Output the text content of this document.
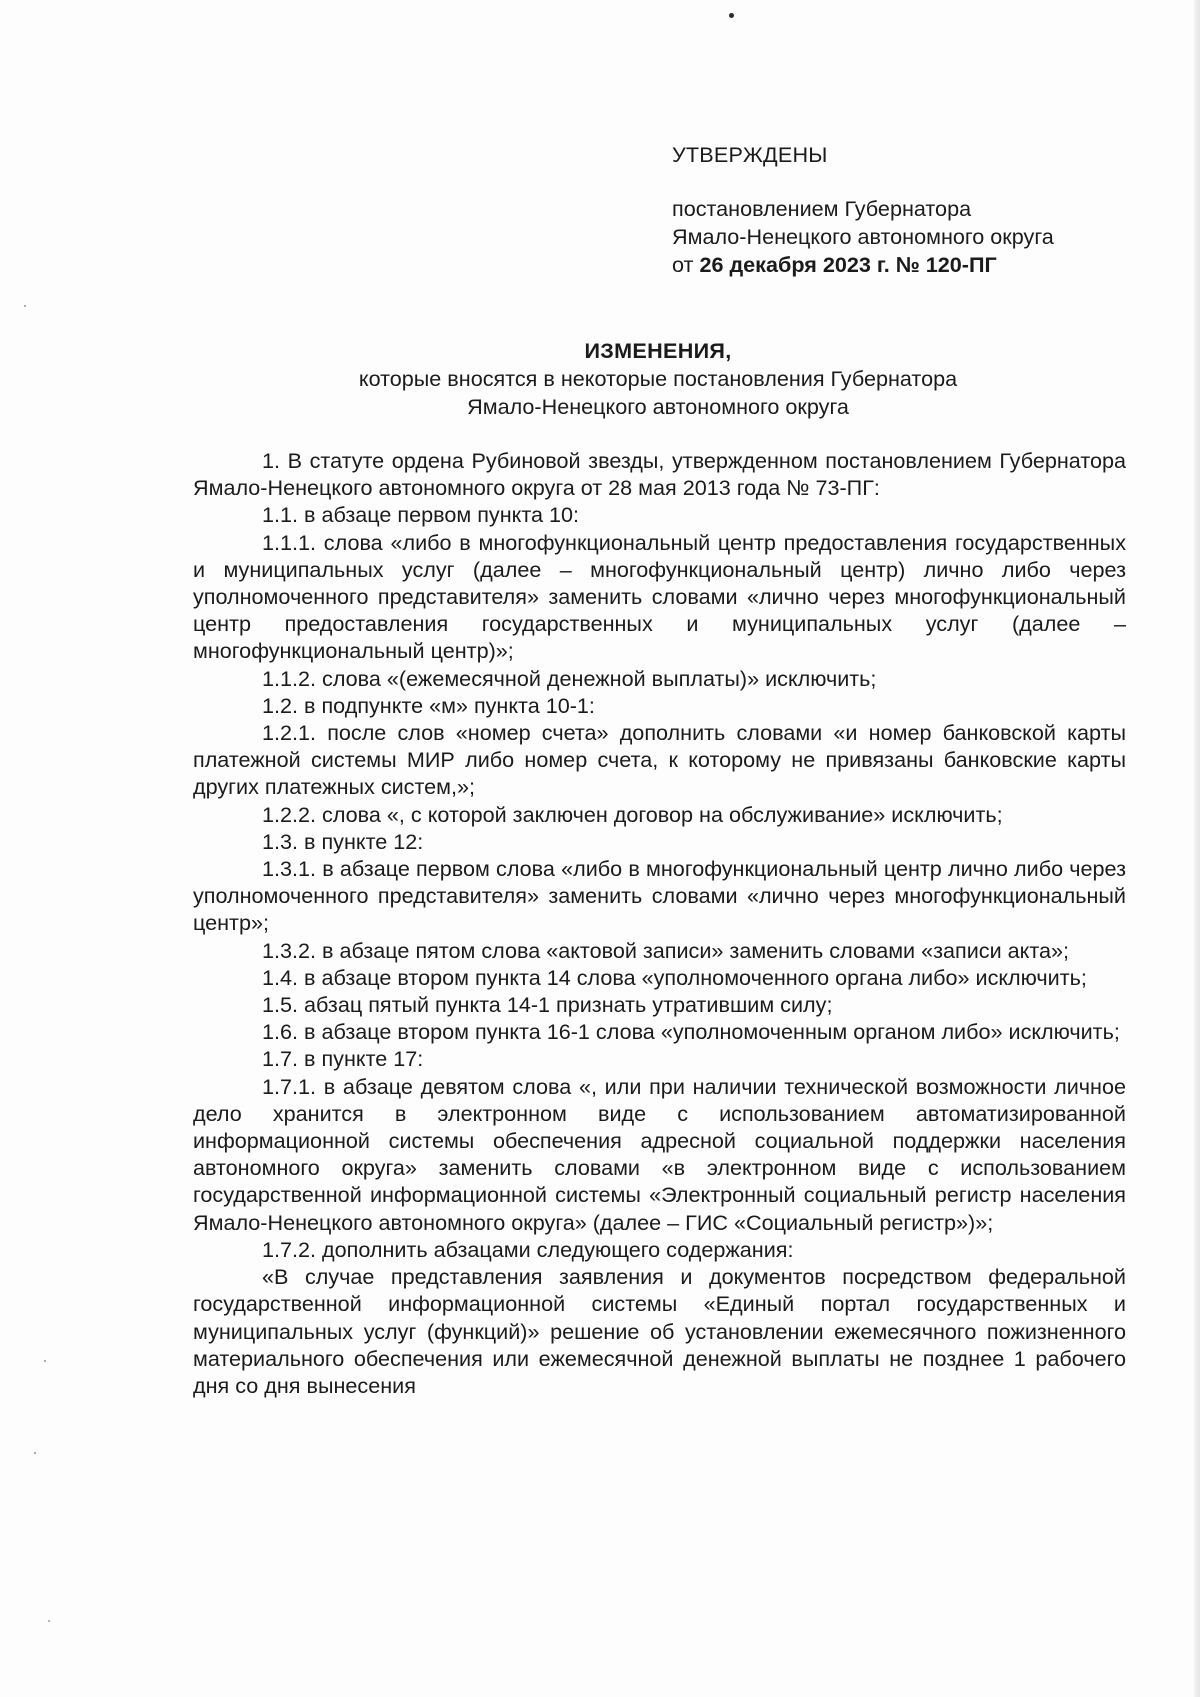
УТВЕРЖДЕНЫ
постановлением Губернатора
Ямало-Ненецкого автономного округа
от 26 декабря 2023 г. № 120-ПГ
ИЗМЕНЕНИЯ,
которые вносятся в некоторые постановления Губернатора
Ямало-Ненецкого автономного округа

1. В статуте ордена Рубиновой звезды, утвержденном постановлением Губернатора Ямало-Ненецкого автономного округа от 28 мая 2013 года № 73-ПГ:

1.1. в абзаце первом пункта 10:

1.1.1. слова «либо в многофункциональный центр предоставления государственных и муниципальных услуг (далее – многофункциональный центр) лично либо через уполномоченного представителя» заменить словами «лично через многофункциональный центр предоставления государственных и муниципальных услуг (далее – многофункциональный центр)»;

1.1.2. слова «(ежемесячной денежной выплаты)» исключить;

1.2. в подпункте «м» пункта 10-1:

1.2.1. после слов «номер счета» дополнить словами «и номер банковской карты платежной системы МИР либо номер счета, к которому не привязаны банковские карты других платежных систем,»;

1.2.2. слова «, с которой заключен договор на обслуживание» исключить;

1.3. в пункте 12:

1.3.1. в абзаце первом слова «либо в многофункциональный центр лично либо через уполномоченного представителя» заменить словами «лично через многофункциональный центр»;

1.3.2. в абзаце пятом слова «актовой записи» заменить словами «записи акта»;

1.4. в абзаце втором пункта 14 слова «уполномоченного органа либо» исключить;

1.5. абзац пятый пункта 14-1 признать утратившим силу;

1.6. в абзаце втором пункта 16-1 слова «уполномоченным органом либо» исключить;

1.7. в пункте 17:

1.7.1. в абзаце девятом слова «, или при наличии технической возможности личное дело хранится в электронном виде с использованием автоматизированной информационной системы обеспечения адресной социальной поддержки населения автономного округа» заменить словами «в электронном виде с использованием государственной информационной системы «Электронный социальный регистр населения Ямало-Ненецкого автономного округа» (далее – ГИС «Социальный регистр»)»;

1.7.2. дополнить абзацами следующего содержания:

«В случае представления заявления и документов посредством федеральной государственной информационной системы «Единый портал государственных и муниципальных услуг (функций)» решение об установлении ежемесячного пожизненного материального обеспечения или ежемесячной денежной выплаты не позднее 1 рабочего дня со дня вынесения
